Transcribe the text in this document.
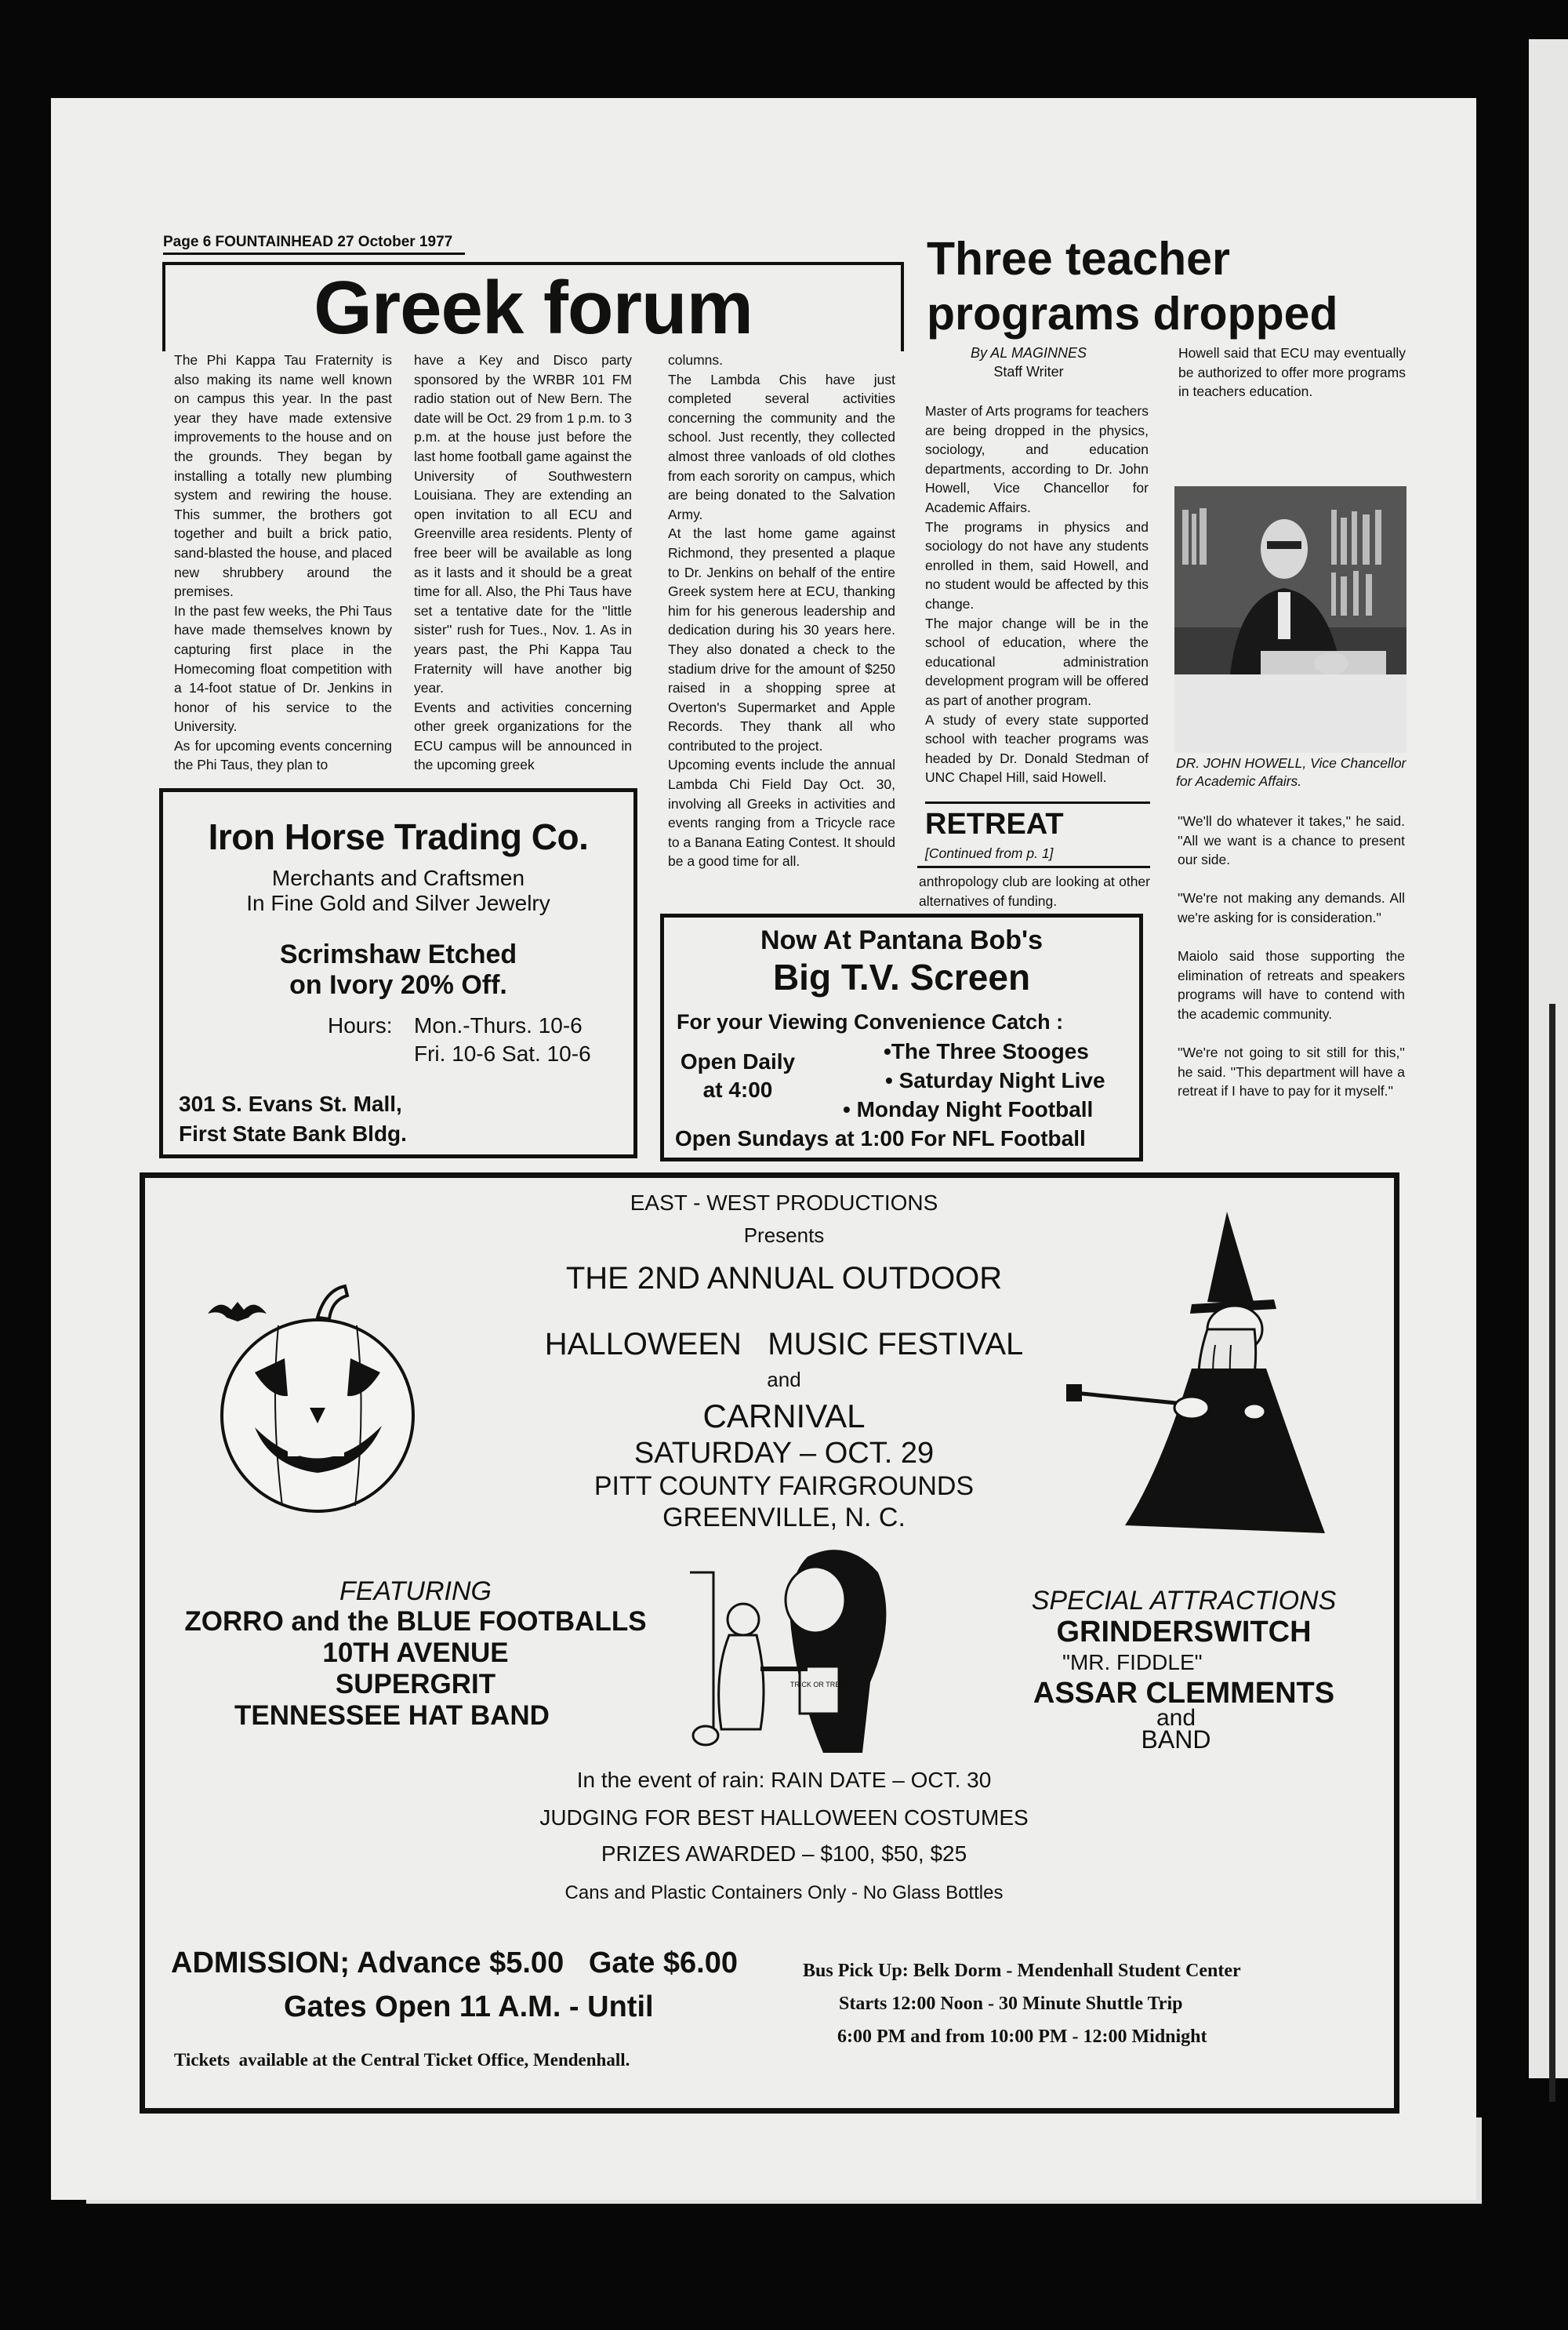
Page 6 FOUNTAINHEAD 27 October 1977
Greek forum

The Phi Kappa Tau Fraternity is also making its name well known on campus this year. In the past year they have made extensive improvements to the house and on the grounds. They began by installing a totally new plumbing system and rewiring the house. This summer, the brothers got together and built a brick patio, sand-blasted the house, and placed new shrubbery around the premises.
In the past few weeks, the Phi Taus have made themselves known by capturing first place in the Homecoming float competition with a 14-foot statue of Dr. Jenkins in honor of his service to the University.
As for upcoming events concerning the Phi Taus, they plan to

have a Key and Disco party sponsored by the WRBR 101 FM radio station out of New Bern. The date will be Oct. 29 from 1 p.m. to 3 p.m. at the house just before the last home football game against the University of Southwestern Louisiana. They are extending an open invitation to all ECU and Greenville area residents. Plenty of free beer will be available as long as it lasts and it should be a great time for all. Also, the Phi Taus have set a tentative date for the ''little sister'' rush for Tues., Nov. 1. As in years past, the Phi Kappa Tau Fraternity will have another big year.
Events and activities concerning other greek organizations for the ECU campus will be announced in the upcoming greek

columns.
The Lambda Chis have just completed several activities concerning the community and the school. Just recently, they collected almost three vanloads of old clothes from each sorority on campus, which are being donated to the Salvation Army.
At the last home game against Richmond, they presented a plaque to Dr. Jenkins on behalf of the entire Greek system here at ECU, thanking him for his generous leadership and dedication during his 30 years here. They also donated a check to the stadium drive for the amount of $250 raised in a shopping spree at Overton's Supermarket and Apple Records. They thank all who contributed to the project.
Upcoming events include the annual Lambda Chi Field Day Oct. 30, involving all Greeks in activities and events ranging from a Tricycle race to a Banana Eating Contest. It should be a good time for all.

Three teacher
programs dropped
By AL MAGINNES
Staff Writer

Master of Arts programs for teachers are being dropped in the physics, sociology, and education departments, according to Dr. John Howell, Vice Chancellor for Academic Affairs.
The programs in physics and sociology do not have any students enrolled in them, said Howell, and no student would be affected by this change.
The major change will be in the school of education, where the educational administration development program will be offered as part of another program.
A study of every state supported school with teacher programs was headed by Dr. Donald Stedman of UNC Chapel Hill, said Howell.

Howell said that ECU may eventually be authorized to offer more programs in teachers education.

DR. JOHN HOWELL, Vice Chancellor for Academic Affairs.
RETREAT
[Continued from p. 1]

anthropology club are looking at other alternatives of funding.

''We'll do whatever it takes,'' he said. ''All we want is a chance to present our side.

''We're not making any demands. All we're asking for is consideration.''

Maiolo said those supporting the elimination of retreats and speakers programs will have to contend with the academic community.

''We're not going to sit still for this,'' he said. ''This department will have a retreat if I have to pay for it myself.''

Iron Horse Trading Co.
Merchants and Craftsmen
In Fine Gold and Silver Jewelry
Scrimshaw Etched
on Ivory 20% Off.
Hours: Mon.-Thurs. 10-6
Fri. 10-6 Sat. 10-6
301 S. Evans St. Mall,
First State Bank Bldg.
Now At Pantana Bob's
Big T.V. Screen
For your Viewing Convenience Catch :
Open Daily
at 4:00
•The Three Stooges
• Saturday Night Live
• Monday Night Football
Open Sundays at 1:00 For NFL Football
EAST - WEST PRODUCTIONS
Presents
THE 2ND ANNUAL OUTDOOR
HALLOWEEN   MUSIC FESTIVAL
and
CARNIVAL
SATURDAY – OCT. 29
PITT COUNTY FAIRGROUNDS
GREENVILLE, N. C.
FEATURING
ZORRO and the BLUE FOOTBALLS
10TH AVENUE
SUPERGRIT
TENNESSEE HAT BAND
TRICK OR TREAT
SPECIAL ATTRACTIONS
GRINDERSWITCH
"MR. FIDDLE"
ASSAR CLEMMENTS
and
BAND
In the event of rain: RAIN DATE – OCT. 30
JUDGING FOR BEST HALLOWEEN COSTUMES
PRIZES AWARDED – $100, $50, $25
Cans and Plastic Containers Only - No Glass Bottles
ADMISSION; Advance $5.00   Gate $6.00
Gates Open 11 A.M. - Until
Bus Pick Up: Belk Dorm - Mendenhall Student Center
Starts 12:00 Noon - 30 Minute Shuttle Trip
6:00 PM and from 10:00 PM - 12:00 Midnight
Tickets  available at the Central Ticket Office, Mendenhall.
